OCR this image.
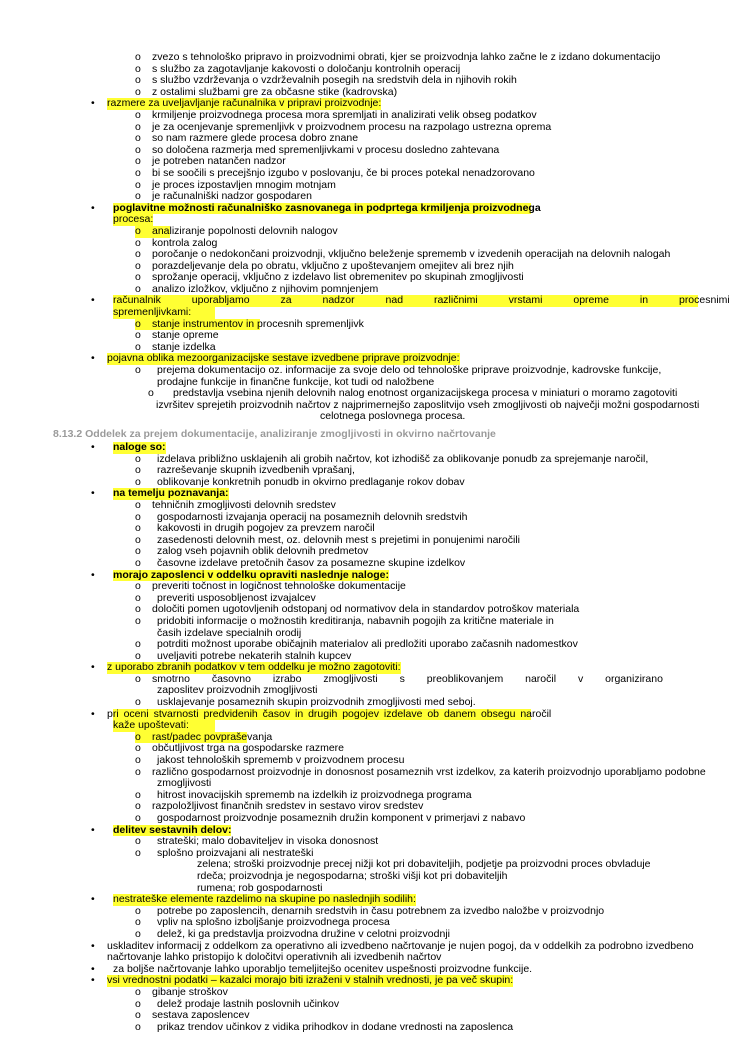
o zvezo s tehnološko pripravo in proizvodnimi obrati, kjer se proizvodnja lahko začne le z izdano dokumentacijo
o s službo za zagotavljanje kakovosti o določanju kontrolnih operacij
o s službo vzdrževanja o vzdrževalnih posegih na sredstvih dela in njihovih rokih
o z ostalimi službami gre za občasne stike (kadrovska)
• razmere za uveljavljanje računalnika v pripravi proizvodnje:
o krmiljenje proizvodnega procesa mora spremljati in analizirati velik obseg podatkov
o je za ocenjevanje spremenljivk v proizvodnem procesu na razpolago ustrezna oprema
o so nam razmere glede procesa dobro znane
o so določena razmerja med spremenljivkami v procesu dosledno zahtevana
o je potreben natančen nadzor
o bi se soočili s precejšnjo izgubo v poslovanju, če bi proces potekal nenadzorovano
o je proces izpostavljen mnogim motnjam
o je računalniški nadzor gospodaren
• poglavitne možnosti računalniško zasnovanega in podprtega krmiljenja proizvodnega
procesa:
o analiziranje popolnosti delovnih nalogov
o kontrola zalog
o poročanje o nedokončani proizvodnji, vključno beleženje sprememb v izvedenih operacijah na delovnih nalogah
o porazdeljevanje dela po obratu, vključno z upoštevanjem omejitev ali brez njih
o sprožanje operacij, vključno z izdelavo list obremenitev po skupinah zmogljivosti
o analizo izložkov, vključno z njihovim pomnjenjem
• računalnik uporabljamo za nadzor nad različnimi vrstami opreme in procesnimi
spremenljivkami:
o stanje instrumentov in procesnih spremenljivk
o stanje opreme
o stanje izdelka
• pojavna oblika mezoorganizacijske sestave izvedbene priprave proizvodnje:
o prejema dokumentacijo oz. informacije za svoje delo od tehnološke priprave proizvodnje, kadrovske funkcije,
prodajne funkcije in finančne funkcije, kot tudi od naložbene
o predstavlja vsebina njenih delovnih nalog enotnost organizacijskega procesa v miniaturi o moramo zagotoviti
izvršitev sprejetih proizvodnih načrtov z najprimernejšo zaposlitvijo vseh zmogljivosti ob največji možni gospodarnosti
celotnega poslovnega procesa.
8.13.2 Oddelek za prejem dokumentacije, analiziranje zmogljivosti in okvirno načrtovanje
• naloge so:
o izdelava približno usklajenih ali grobih načrtov, kot izhodišč za oblikovanje ponudb za sprejemanje naročil,
o razreševanje skupnih izvedbenih vprašanj,
o oblikovanje konkretnih ponudb in okvirno predlaganje rokov dobav
• na temelju poznavanja:
o tehničnih zmogljivosti delovnih sredstev
o gospodarnosti izvajanja operacij na posameznih delovnih sredstvih
o kakovosti in drugih pogojev za prevzem naročil
o zasedenosti delovnih mest, oz. delovnih mest s prejetimi in ponujenimi naročili
o zalog vseh pojavnih oblik delovnih predmetov
o časovne izdelave pretočnih časov za posamezne skupine izdelkov
• morajo zaposlenci v oddelku opraviti naslednje naloge:
o preveriti točnost in logičnost tehnološke dokumentacije
o preveriti usposobljenost izvajalcev
o določiti pomen ugotovljenih odstopanj od normativov dela in standardov potroškov materiala
o pridobiti informacije o možnostih kreditiranja, nabavnih pogojih za kritične materiale in
časih izdelave specialnih orodij
o potrditi možnost uporabe običajnih materialov ali predložiti uporabo začasnih nadomestkov
o uveljaviti potrebe nekaterih stalnih kupcev
• z uporabo zbranih podatkov v tem oddelku je možno zagotoviti:
o smotrno časovno izrabo zmogljivosti s preoblikovanjem naročil v organizirano
zaposlitev proizvodnih zmogljivosti
o usklajevanje posameznih skupin proizvodnih zmogljivosti med seboj.
• pri oceni stvarnosti predvidenih časov in drugih pogojev izdelave ob danem obsegu naročil
kaže upoštevati:
o rast/padec povpraševanja
o občutljivost trga na gospodarske razmere
o jakost tehnoloških sprememb v proizvodnem procesu
o različno gospodarnost proizvodnje in donosnost posameznih vrst izdelkov, za katerih proizvodnjo uporabljamo podobne
zmogljivosti
o hitrost inovacijskih sprememb na izdelkih iz proizvodnega programa
o razpoložljivost finančnih sredstev in sestavo virov sredstev
o gospodarnost proizvodnje posameznih družin komponent v primerjavi z nabavo
• delitev sestavnih delov:
o strateški; malo dobaviteljev in visoka donosnost
o splošno proizvajani ali nestrateški
zelena; stroški proizvodnje precej nižji kot pri dobaviteljih, podjetje pa proizvodni proces obvladuje
rdeča; proizvodnja je negospodarna; stroški višji kot pri dobaviteljih
rumena; rob gospodarnosti
• nestrateške elemente razdelimo na skupine po naslednjih sodilih:
o potrebe po zaposlencih, denarnih sredstvih in času potrebnem za izvedbo naložbe v proizvodnjo
o vpliv na splošno izboljšanje proizvodnega procesa
o delež, ki ga predstavlja proizvodna družine v celotni proizvodnji
• uskladitev informacij z oddelkom za operativno ali izvedbeno načrtovanje je nujen pogoj, da v oddelkih za podrobno izvedbeno
načrtovanje lahko pristopijo k določitvi operativnih ali izvedbenih načrtov
• za boljše načrtovanje lahko uporabljo temeljitejšo ocenitev uspešnosti proizvodne funkcije.
• vsi vrednostni podatki – kazalci morajo biti izraženi v stalnih vrednosti, je pa več skupin:
o gibanje stroškov
o delež prodaje lastnih poslovnih učinkov
o sestava zaposlencev
o prikaz trendov učinkov z vidika prihodkov in dodane vrednosti na zaposlenca
